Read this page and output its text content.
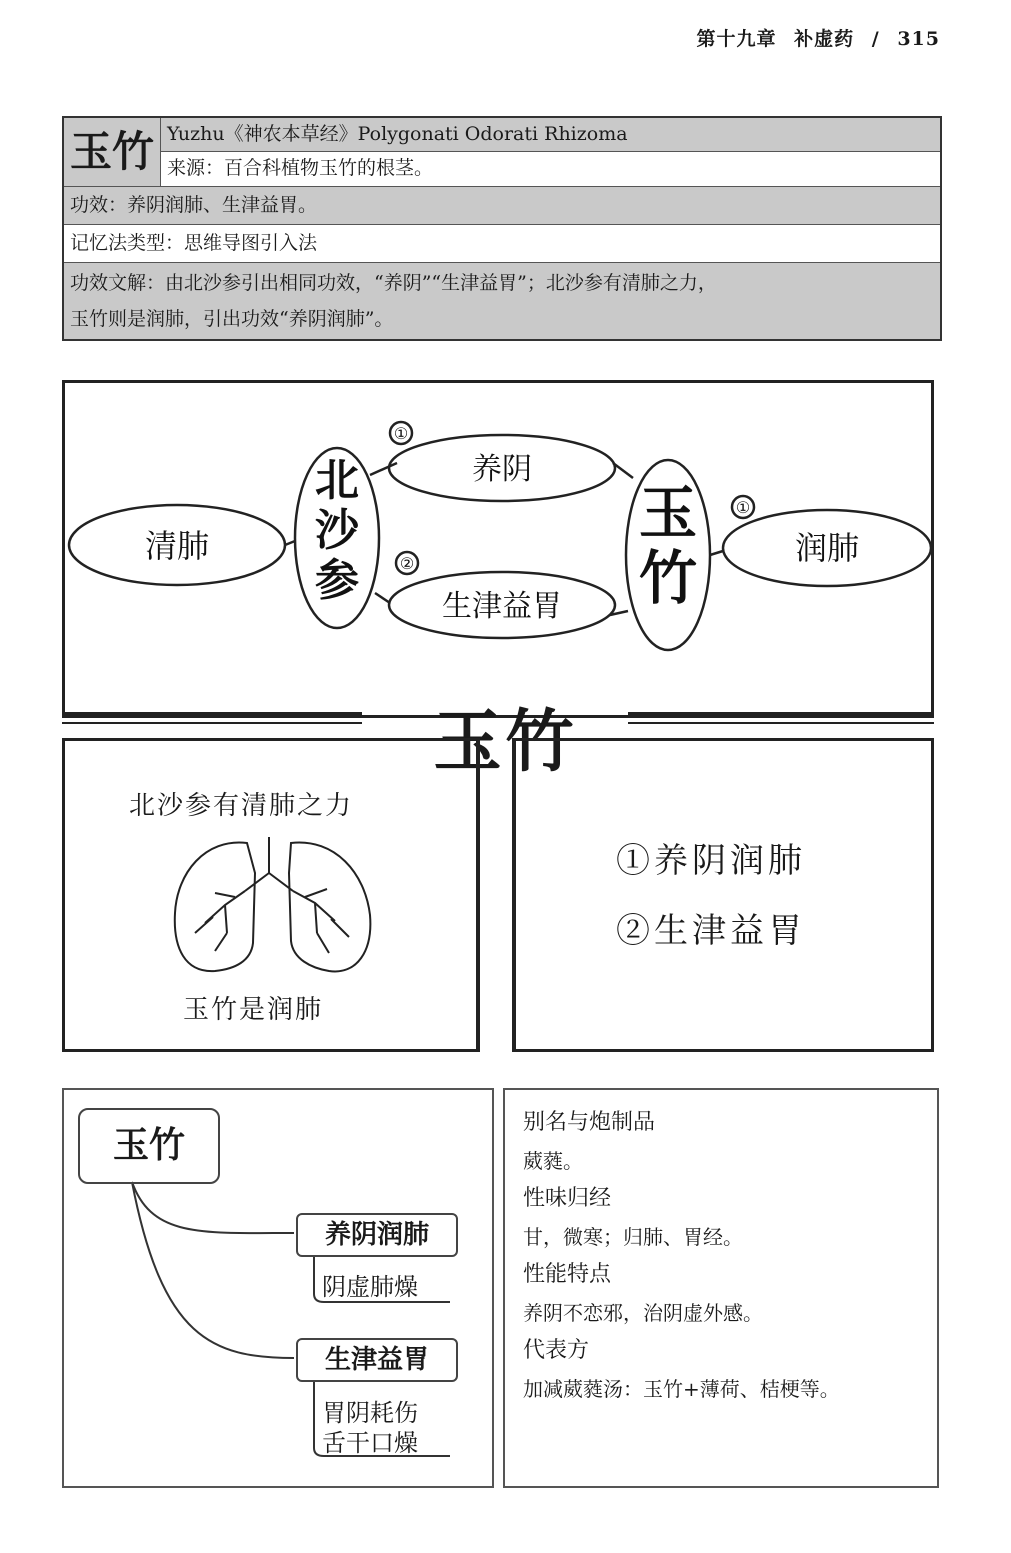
第十九章 补虚药 / 315
玉竹 Yuzhu《神农本草经》Polygonati Odorati Rhizoma
来源：百合科植物玉竹的根茎。
功效：养阴润肺、生津益胃。
记忆法类型：思维导图引入法
功效文解：由北沙参引出相同功效，“养阴”“生津益胃”；北沙参有清肺之力，
玉竹则是润肺，引出功效“养阴润肺”。
清肺
北
沙
参
养阴
生津益胃
玉
竹	润肺
①
②
①
玉竹
北沙参有清肺之力
玉竹是润肺
①养阴润肺
②生津益胃
玉竹
养阴润肺
阴虚肺燥
生津益胃
胃阴耗伤
舌干口燥
别名与炮制品
葳蕤。
性味归经
甘，微寒；归肺、胃经。
性能特点
养阴不恋邪，治阴虚外感。
代表方
加减葳蕤汤：玉竹+薄荷、桔梗等。
